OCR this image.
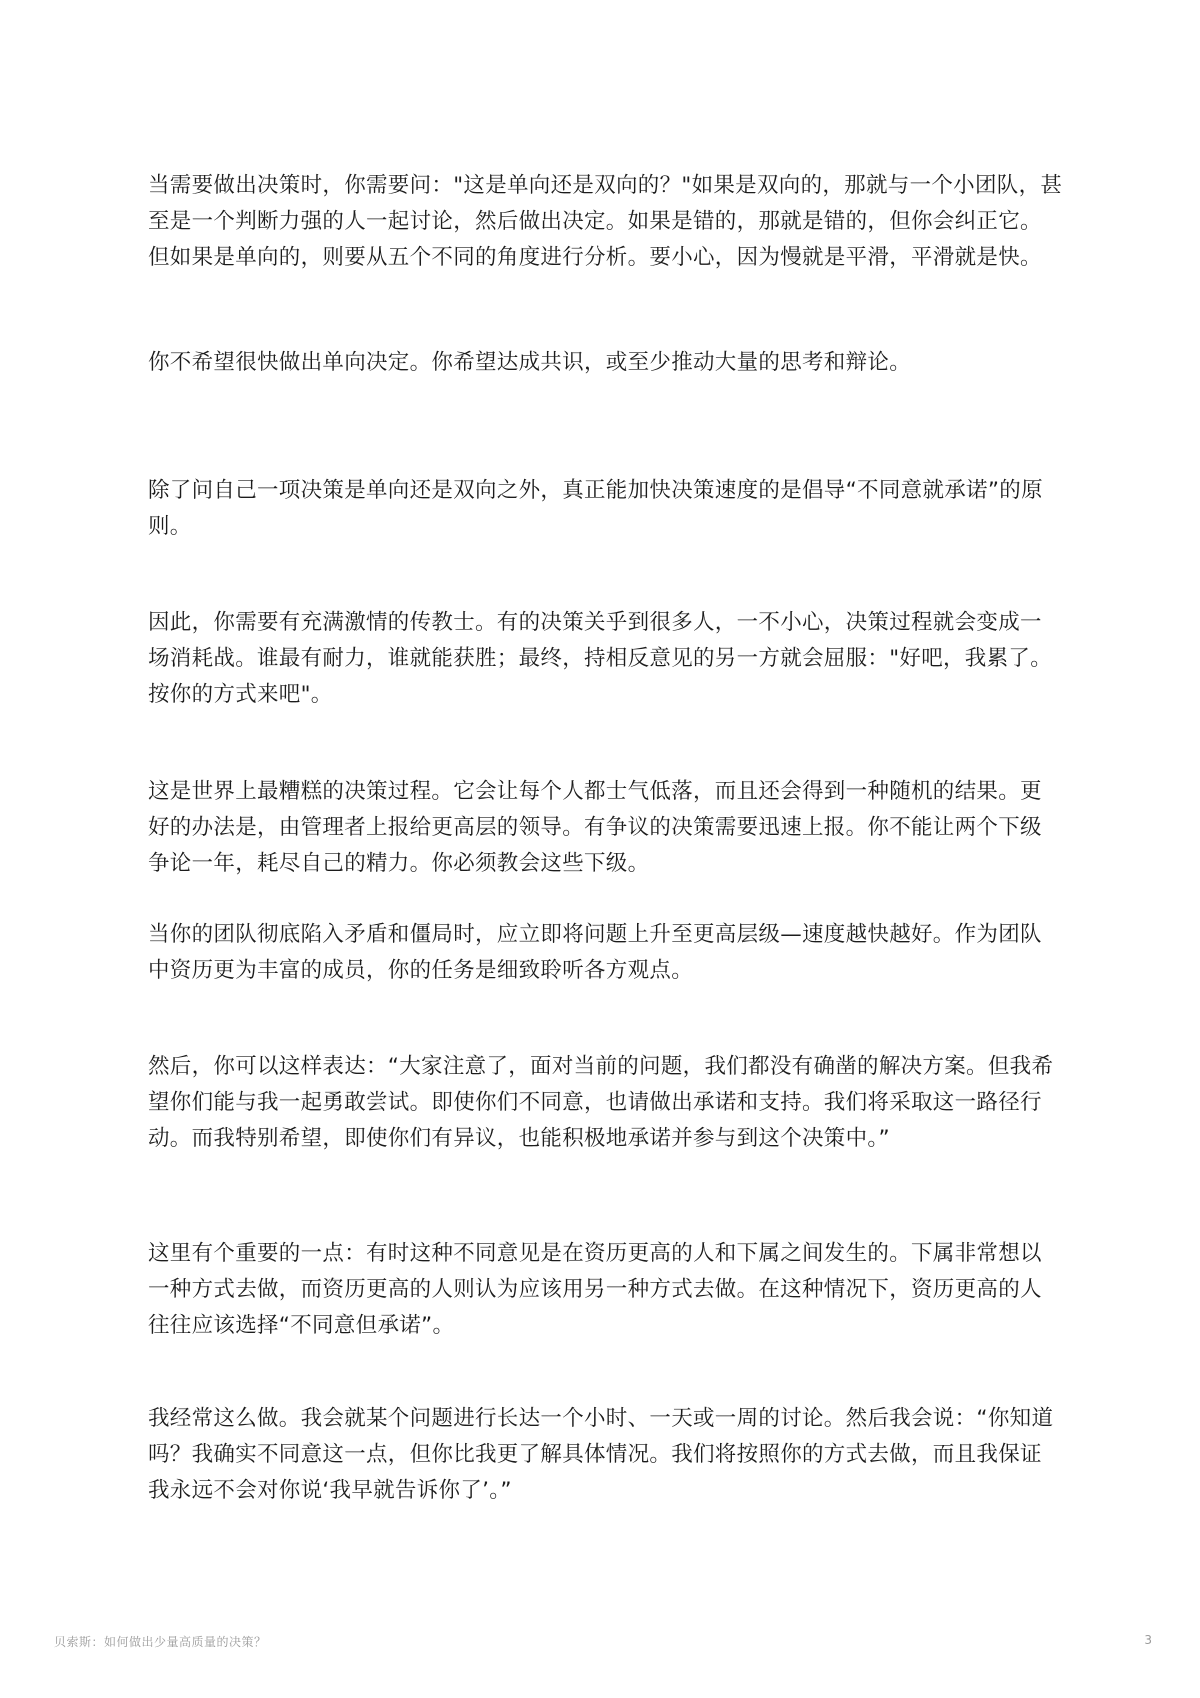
当需要做出决策时，你需要问："这是单向还是双向的？"如果是双向的，那就与一个小团队，甚至是一个判断力强的人一起讨论，然后做出决定。如果是错的，那就是错的，但你会纠正它。但如果是单向的，则要从五个不同的角度进行分析。要小心，因为慢就是平滑，平滑就是快。

你不希望很快做出单向决定。你希望达成共识，或至少推动大量的思考和辩论。

除了问自己一项决策是单向还是双向之外，真正能加快决策速度的是倡导“不同意就承诺”的原则。

因此，你需要有充满激情的传教士。有的决策关乎到很多人，一不小心，决策过程就会变成一场消耗战。谁最有耐力，谁就能获胜；最终，持相反意见的另一方就会屈服："好吧，我累了。按你的方式来吧"。

这是世界上最糟糕的决策过程。它会让每个人都士气低落，而且还会得到一种随机的结果。更好的办法是，由管理者上报给更高层的领导。有争议的决策需要迅速上报。你不能让两个下级争论一年，耗尽自己的精力。你必须教会这些下级。

当你的团队彻底陷入矛盾和僵局时，应立即将问题上升至更高层级—速度越快越好。作为团队中资历更为丰富的成员，你的任务是细致聆听各方观点。

然后，你可以这样表达：“大家注意了，面对当前的问题，我们都没有确凿的解决方案。但我希望你们能与我一起勇敢尝试。即使你们不同意，也请做出承诺和支持。我们将采取这一路径行动。而我特别希望，即使你们有异议，也能积极地承诺并参与到这个决策中。”

这里有个重要的一点：有时这种不同意见是在资历更高的人和下属之间发生的。下属非常想以一种方式去做，而资历更高的人则认为应该用另一种方式去做。在这种情况下，资历更高的人往往应该选择“不同意但承诺”。

我经常这么做。我会就某个问题进行长达一个小时、一天或一周的讨论。然后我会说：“你知道吗？我确实不同意这一点，但你比我更了解具体情况。我们将按照你的方式去做，而且我保证我永远不会对你说‘我早就告诉你了’。”

贝索斯：如何做出少量高质量的决策？	3
